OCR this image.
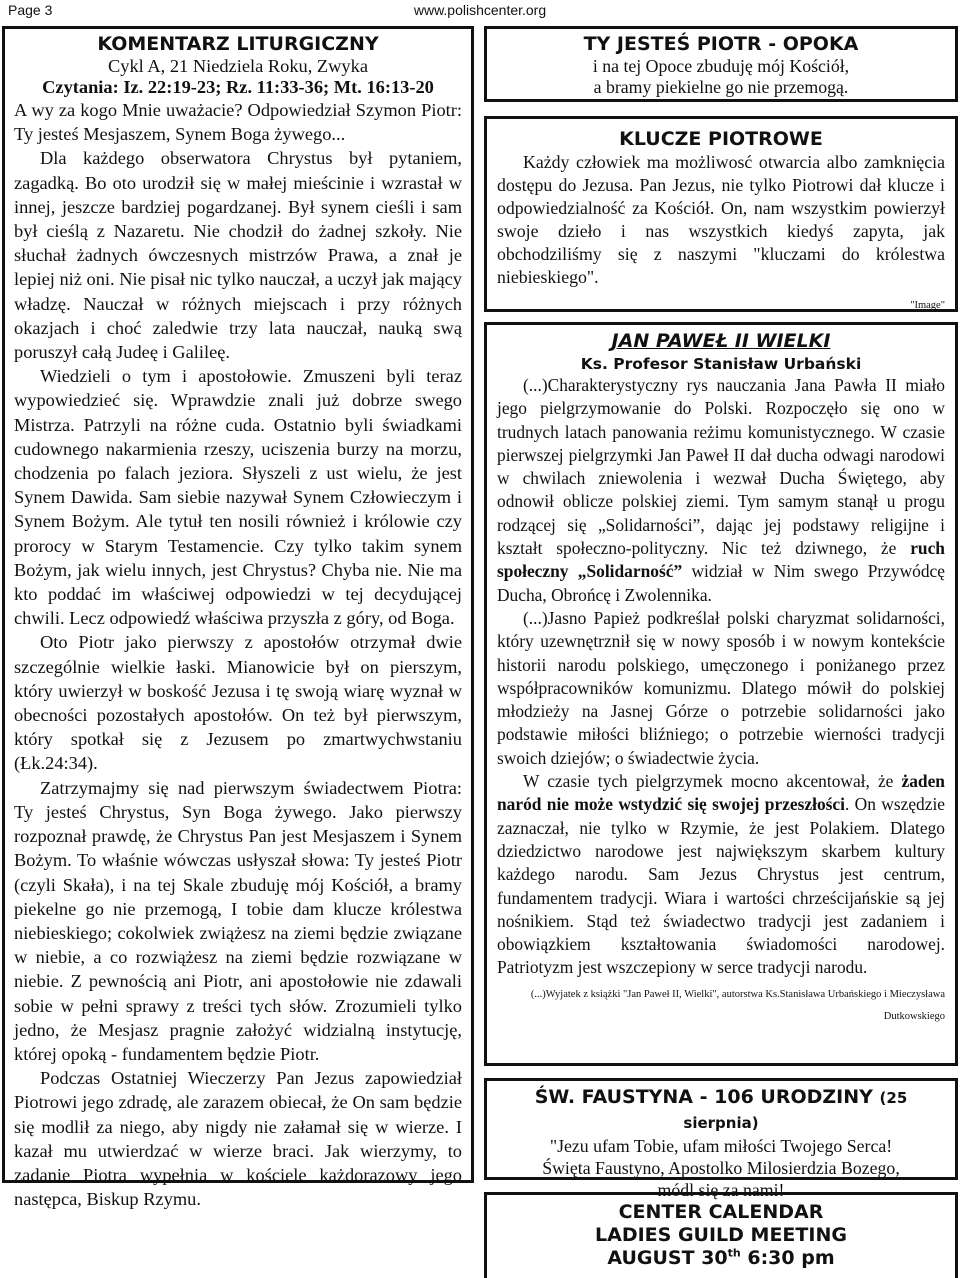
Page 3	www.polishcenter.org
KOMENTARZ LITURGICZNY

Cykl A, 21 Niedziela Roku, Zwyka

Czytania: Iz. 22:19-23; Rz. 11:33-36; Mt. 16:13-20

A wy za kogo Mnie uważacie? Odpowiedział Szymon Piotr: Ty jesteś Mesjaszem, Synem Boga żywego...

Dla każdego obserwatora Chrystus był pytaniem, zagadką. Bo oto urodził się w małej mieścinie i wzrastał w innej, jeszcze bardziej pogardzanej. Był synem cieśli i sam był cieślą z Nazaretu. Nie chodził do żadnej szkoły. Nie słuchał żadnych ówczesnych mistrzów Prawa, a znał je lepiej niż oni. Nie pisał nic tylko nauczał, a uczył jak mający władzę. Nauczał w różnych miejscach i przy różnych okazjach i choć zaledwie trzy lata nauczał, nauką swą poruszył całą Judeę i Galileę.

Wiedzieli o tym i apostołowie. Zmuszeni byli teraz wypowiedzieć się. Wprawdzie znali już dobrze swego Mistrza. Patrzyli na różne cuda. Ostatnio byli świadkami cudownego nakarmienia rzeszy, uciszenia burzy na morzu, chodzenia po falach jeziora. Słyszeli z ust wielu, że jest Synem Dawida. Sam siebie nazywał Synem Człowieczym i Synem Bożym. Ale tytuł ten nosili również i królowie czy prorocy w Starym Testamencie. Czy tylko takim synem Bożym, jak wielu innych, jest Chrystus? Chyba nie. Nie ma kto poddać im właściwej odpowiedzi w tej decydującej chwili. Lecz odpowiedź właściwa przyszła z góry, od Boga.

Oto Piotr jako pierwszy z apostołów otrzymał dwie szczególnie wielkie łaski. Mianowicie był on pierszym, który uwierzył w boskość Jezusa i tę swoją wiarę wyznał w obecności pozostałych apostołów. On też był pierwszym, który spotkał się z Jezusem po zmartwychwstaniu (Łk.24:34).

Zatrzymajmy się nad pierwszym świadectwem Piotra: Ty jesteś Chrystus, Syn Boga żywego. Jako pierwszy rozpoznał prawdę, że Chrystus Pan jest Mesjaszem i Synem Bożym. To właśnie wówczas usłyszał słowa: Ty jesteś Piotr (czyli Skała), i na tej Skale zbuduję mój Kościół, a bramy piekelne go nie przemogą, I tobie dam klucze królestwa niebieskiego; cokolwiek zwiążesz na ziemi będzie związane w niebie, a co rozwiążesz na ziemi będzie rozwiązane w niebie. Z pewnością ani Piotr, ani apostołowie nie zdawali sobie w pełni sprawy z treści tych słów. Zrozumieli tylko jedno, że Mesjasz pragnie założyć widzialną instytucję, której opoką - fundamentem będzie Piotr.

Podczas Ostatniej Wieczerzy Pan Jezus zapowiedział Piotrowi jego zdradę, ale zarazem obiecał, że On sam będzie się modlił za niego, aby nigdy nie załamał się w wierze. I kazał mu utwierdzać w wierze braci. Jak wierzymy, to zadanie Piotra wypełnia w kościele każdorazowy jego następca, Biskup Rzymu.

TY JESTEŚ PIOTR - OPOKA

i na tej Opoce zbuduję mój Kościół,

a bramy piekielne go nie przemogą.

KLUCZE PIOTROWE

Każdy człowiek ma możliwosć otwarcia albo zamknięcia dostępu do Jezusa. Pan Jezus, nie tylko Piotrowi dał klucze i odpowiedzialność za Kościół. On, nam wszystkim powierzył swoje dzieło i nas wszystkich kiedyś zapyta, jak obchodziliśmy się z naszymi "kluczami do królestwa niebieskiego".

"Image"
JAN PAWEŁ II WIELKI

Ks. Profesor Stanisław Urbański

(...)Charakterystyczny rys nauczania Jana Pawła II miało jego pielgrzymowanie do Polski. Rozpoczęło się ono w trudnych latach panowania reżimu komunistycznego. W czasie pierwszej pielgrzymki Jan Paweł II dał ducha odwagi narodowi w chwilach zniewolenia i wezwał Ducha Świętego, aby odnowił oblicze polskiej ziemi. Tym samym stanął u progu rodzącej się „Solidarności”, dając jej podstawy religijne i kształt społeczno-polityczny. Nic też dziwnego, że ruch społeczny „Solidarność” widział w Nim swego Przywódcę Ducha, Obrońcę i Zwolennika.

(...)Jasno Papież podkreślał polski charyzmat solidarności, który uzewnętrznił się w nowy sposób i w nowym kontekście historii narodu polskiego, umęczonego i poniżanego przez współpracowników komunizmu. Dlatego mówił do polskiej młodzieży na Jasnej Górze o potrzebie solidarności jako podstawie miłości bliźniego; o potrzebie wierności tradycji swoich dziejów; o świadectwie życia.

W czasie tych pielgrzymek mocno akcentował, że żaden naród nie może wstydzić się swojej przeszłości. On wszędzie zaznaczał, nie tylko w Rzymie, że jest Polakiem. Dlatego dziedzictwo narodowe jest największym skarbem kultury każdego narodu. Sam Jezus Chrystus jest centrum, fundamentem tradycji. Wiara i wartości chrześcijańskie są jej nośnikiem. Stąd też świadectwo tradycji jest zadaniem i obowiązkiem kształtowania świadomości narodowej. Patriotyzm jest wszczepiony w serce tradycji narodu.

(...)Wyjatek z książki "Jan Paweł II, Wielki", autorstwa Ks.Stanisława Urbańskiego i Mieczysława Dutkowskiego

ŚW. FAUSTYNA - 106 URODZINY (25 sierpnia)

"Jezu ufam Tobie, ufam miłości Twojego Serca!

Święta Faustyno, Apostolko Milosierdzia Bozego,

módl się za nami!

CENTER CALENDAR
LADIES GUILD MEETING
AUGUST 30th 6:30 pm
